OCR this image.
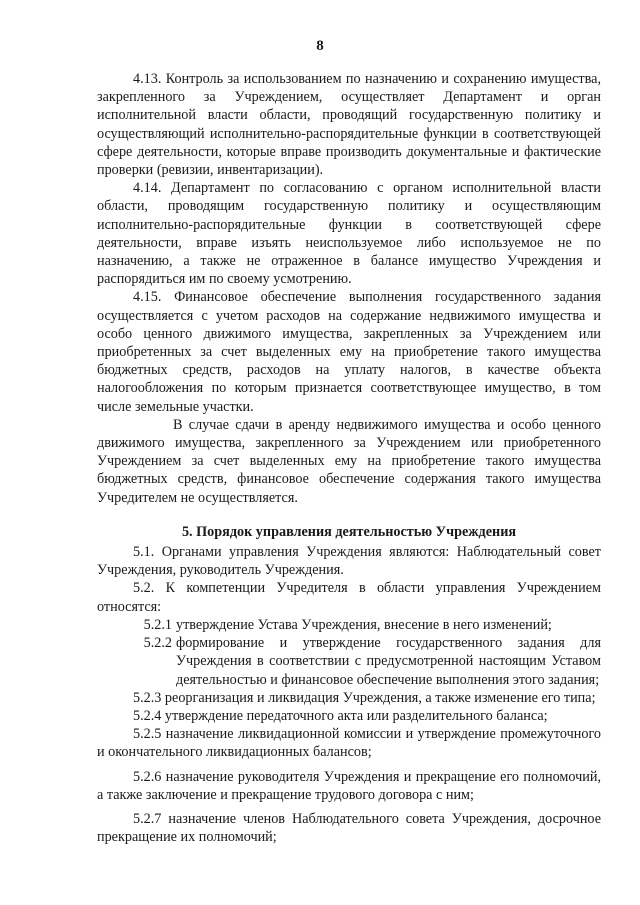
8

4.13. Контроль за использованием по назначению и сохранению имущества, закрепленного за Учреждением, осуществляет Департамент и орган исполнительной власти области, проводящий государственную политику и осуществляющий исполнительно-распорядительные функции в соответствующей сфере деятельности, которые вправе производить документальные и фактические проверки (ревизии, инвентаризации).

4.14. Департамент по согласованию с органом исполнительной власти области, проводящим государственную политику и осуществляющим исполнительно-распорядительные функции в соответствующей сфере деятельности, вправе изъять неиспользуемое либо используемое не по назначению, а также не отраженное в балансе имущество Учреждения и распорядиться им по своему усмотрению.

4.15. Финансовое обеспечение выполнения государственного задания осуществляется с учетом расходов на содержание недвижимого имущества и особо ценного движимого имущества, закрепленных за Учреждением или приобретенных за счет выделенных ему на приобретение такого имущества бюджетных средств, расходов на уплату налогов, в качестве объекта налогообложения по которым признается соответствующее имущество, в том числе земельные участки.

В случае сдачи в аренду недвижимого имущества и особо ценного движимого имущества, закрепленного за Учреждением или приобретенного Учреждением за счет выделенных ему на приобретение такого имущества бюджетных средств, финансовое обеспечение содержания такого имущества Учредителем не осуществляется.

5. Порядок управления деятельностью Учреждения

5.1. Органами управления Учреждения являются: Наблюдательный совет Учреждения, руководитель Учреждения.

5.2. К компетенции Учредителя в области управления Учреждением относятся:

5.2.1 утверждение Устава Учреждения, внесение в него изменений;
5.2.2 формирование и утверждение государственного задания для Учреждения в соответствии с предусмотренной настоящим Уставом деятельностью и финансовое обеспечение выполнения этого задания;

5.2.3 реорганизация и ликвидация Учреждения, а также изменение его типа;

5.2.4 утверждение передаточного акта или разделительного баланса;

5.2.5 назначение ликвидационной комиссии и утверждение промежуточного и окончательного ликвидационных балансов;

5.2.6 назначение руководителя Учреждения и прекращение его полномочий, а также заключение и прекращение трудового договора с ним;

5.2.7 назначение членов Наблюдательного совета Учреждения, досрочное прекращение их полномочий;
